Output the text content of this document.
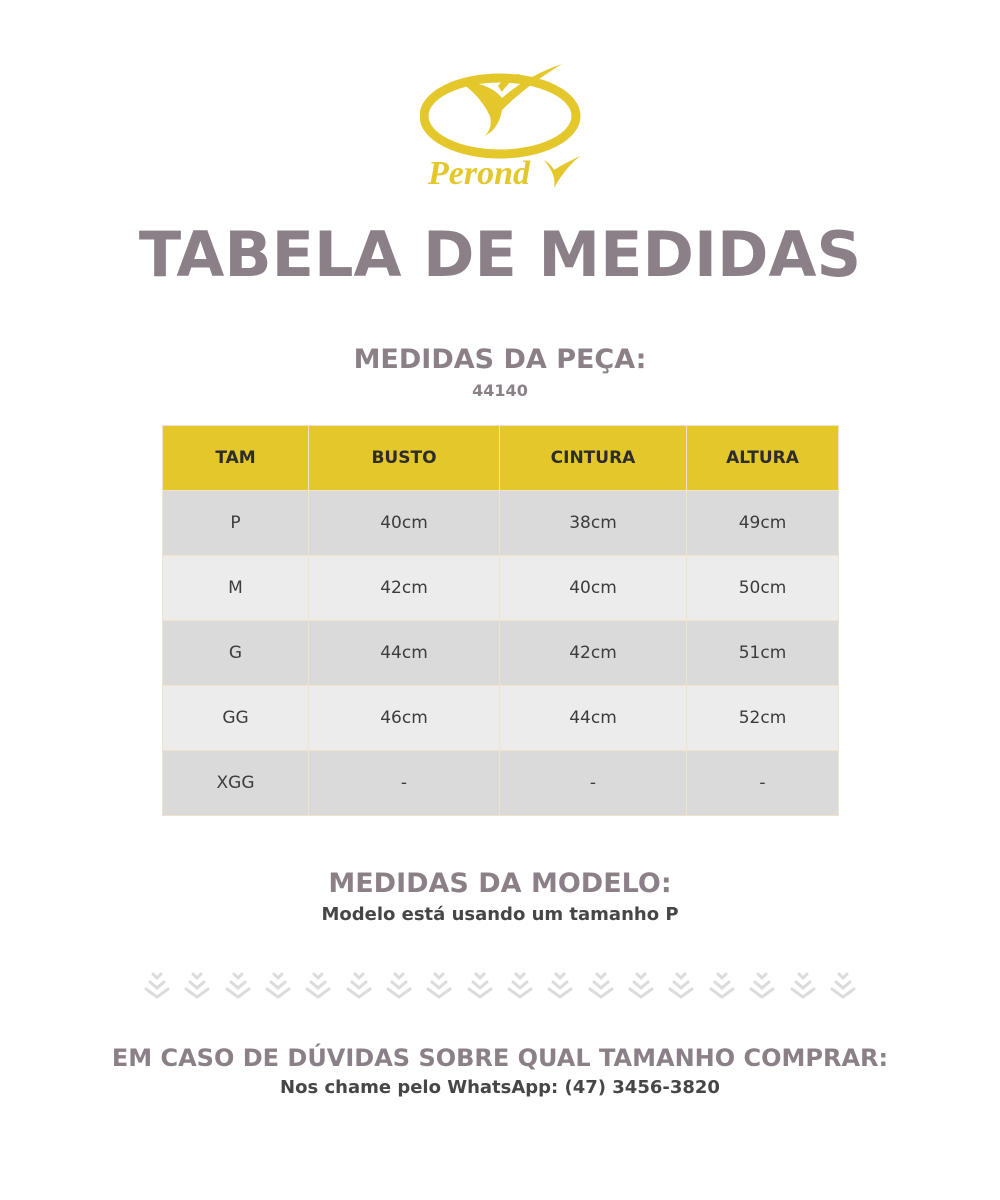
Perond
TABELA DE MEDIDAS
MEDIDAS DA PEÇA:
44140
TAM	BUSTO	CINTURA	ALTURA
P	40cm	38cm	49cm
M	42cm	40cm	50cm
G	44cm	42cm	51cm
GG	46cm	44cm	52cm
XGG	-	-	-
MEDIDAS DA MODELO:
Modelo está usando um tamanho P
EM CASO DE DÚVIDAS SOBRE QUAL TAMANHO COMPRAR:
Nos chame pelo WhatsApp: (47) 3456-3820
